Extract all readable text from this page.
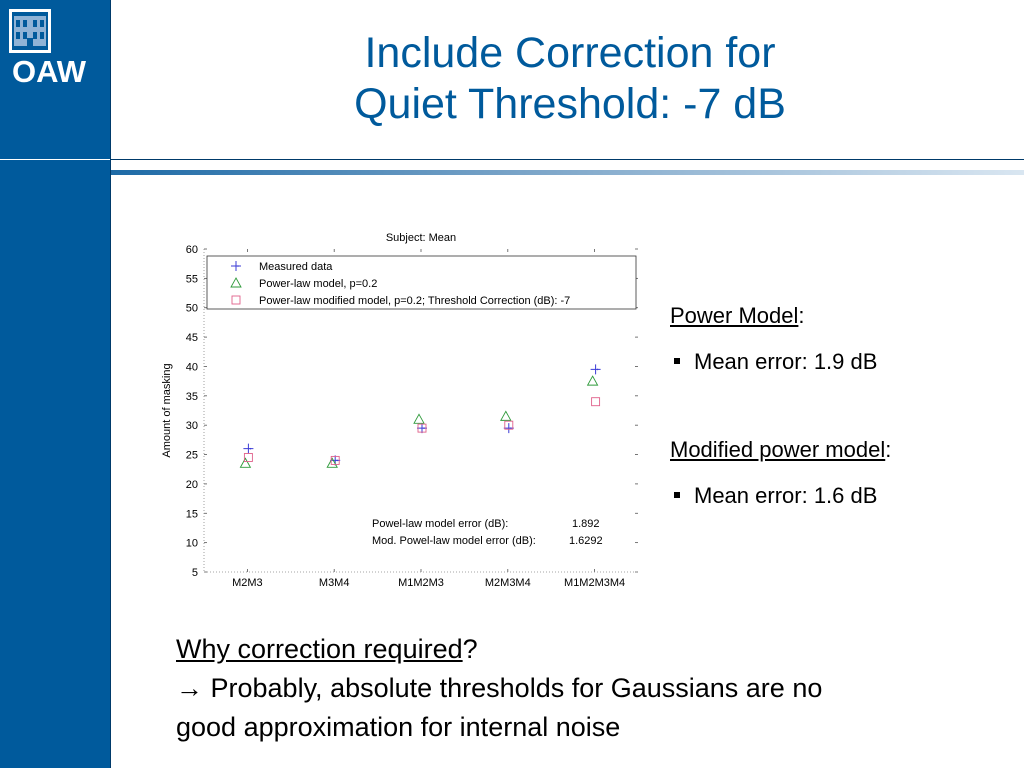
OAW	Include Correction for
Quiet Threshold: -7 dB
Subject: Mean
Amount of masking
5
10
15
20
25
30
35
40
45
50
55
60
M2M3	M3M4	M1M2M3	M2M3M4	M1M2M3M4
Measured data
Power-law model, p=0.2
Power-law modified model, p=0.2; Threshold Correction (dB): -7
Powel-law model error (dB):	1.892
Mod. Powel-law model error (dB):	1.6292
Power Model:
Mean error: 1.9 dB
Modified power model:
Mean error: 1.6 dB
Why correction required?
→ Probably, absolute thresholds for Gaussians are no
good approximation for internal noise
